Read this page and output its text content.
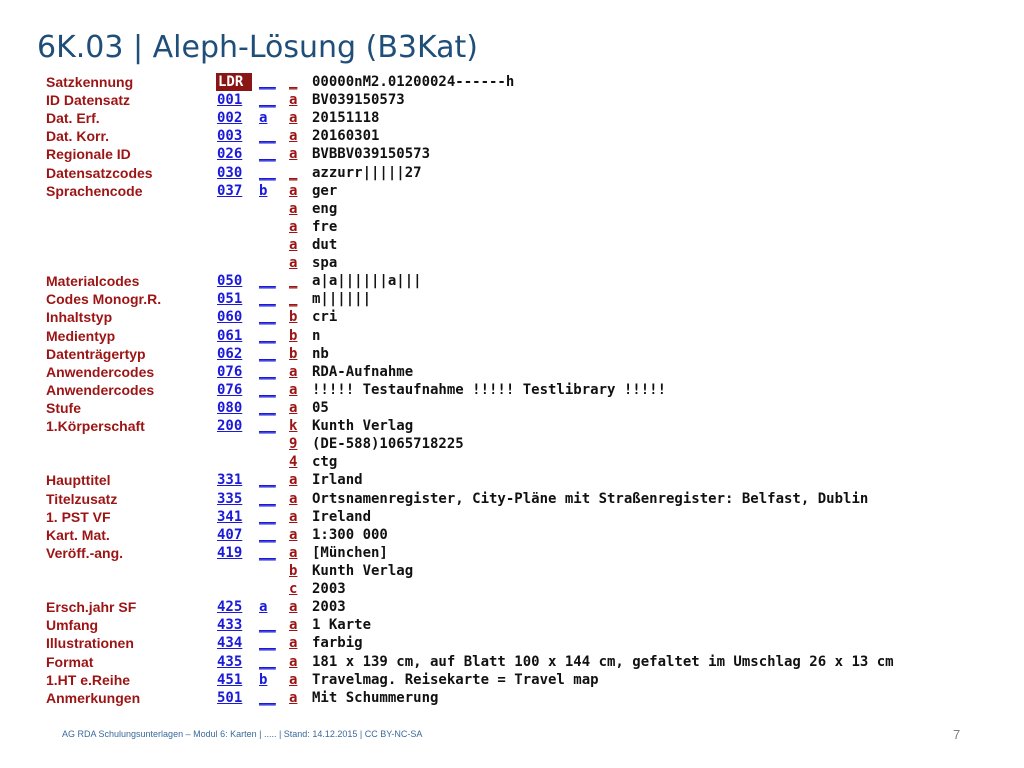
6K.03 | Aleph-Lösung (B3Kat)
Satzkennung	LDR	__ _	00000nM2.01200024------h
ID Datensatz	001	__ a	BV039150573
Dat. Erf.	002	a	a	20151118
Dat. Korr.	003	__ a	20160301
Regionale ID	026	__ a	BVBBV039150573
Datensatzcodes	030	__ _	azzurr|||||27
Sprachencode	037	b	a	ger
a	eng
a	fre
a	dut
a	spa
Materialcodes	050	__ _	a|a||||||a|||
Codes Monogr.R.	051	__ _	m||||||
Inhaltstyp	060	__ b	cri
Medientyp	061	__ b	n
Datenträgertyp	062	__ b	nb
Anwendercodes	076	__ a	RDA-Aufnahme
Anwendercodes	076	__ a	!!!!! Testaufnahme !!!!! Testlibrary !!!!!
Stufe	080	__ a	05
1.Körperschaft	200	__ k	Kunth Verlag
9	(DE-588)1065718225
4	ctg
Haupttitel	331	__ a	Irland
Titelzusatz	335	__ a	Ortsnamenregister, City-Pläne mit Straßenregister: Belfast, Dublin
1. PST VF	341	__ a	Ireland
Kart. Mat.	407	__ a	1:300 000
Veröff.-ang.	419	__ a	[München]
b	Kunth Verlag
c	2003
Ersch.jahr SF	425	a	a	2003
Umfang	433	__ a	1 Karte
Illustrationen	434	__ a	farbig
Format	435	__ a	181 x 139 cm, auf Blatt 100 x 144 cm, gefaltet im Umschlag 26 x 13 cm
1.HT e.Reihe	451	b	a	Travelmag. Reisekarte = Travel map
Anmerkungen	501	__ a	Mit Schummerung
AG RDA Schulungsunterlagen – Modul 6: Karten | ..... | Stand: 14.12.2015 | CC BY-NC-SA	7
